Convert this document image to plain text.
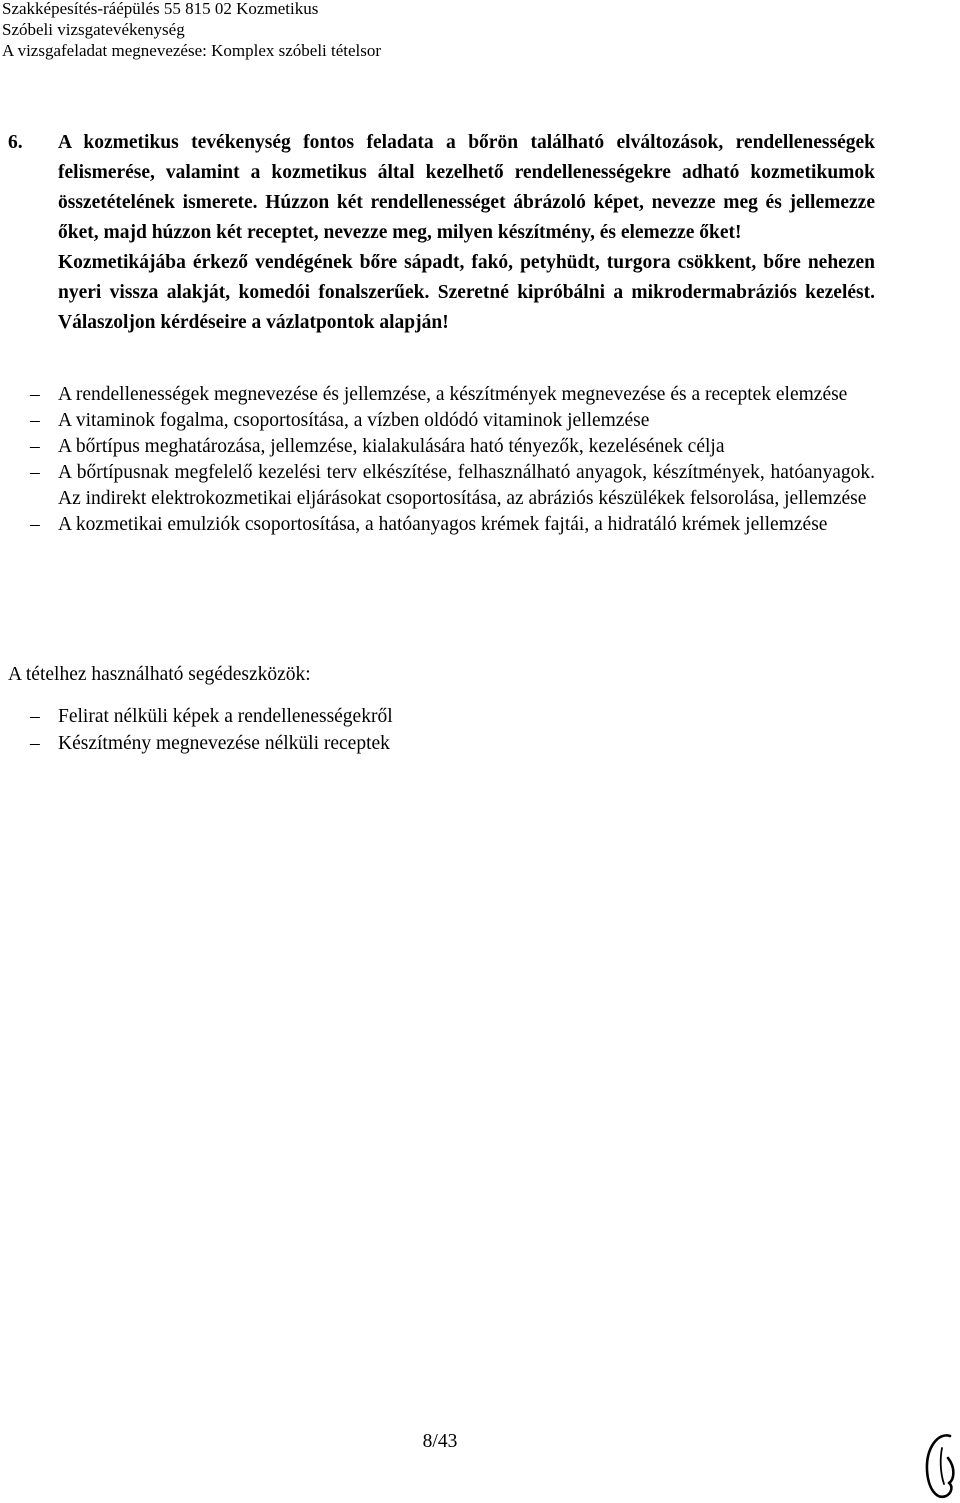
Szakképesítés-ráépülés 55 815 02 Kozmetikus
Szóbeli vizsgatevékenység
A vizsgafeladat megnevezése: Komplex szóbeli tételsor
6. A kozmetikus tevékenység fontos feladata a bőrön található elváltozások, rendellenességek felismerése, valamint a kozmetikus által kezelhető rendellenességekre adható kozmetikumok összetételének ismerete. Húzzon két rendellenességet ábrázoló képet, nevezze meg és jellemezze őket, majd húzzon két receptet, nevezze meg, milyen készítmény, és elemezze őket!

Kozmetikájába érkező vendégének bőre sápadt, fakó, petyhüdt, turgora csökkent, bőre nehezen nyeri vissza alakját, komedói fonalszerűek. Szeretné kipróbálni a mikrodermabráziós kezelést. Válaszoljon kérdéseire a vázlatpontok alapján!

– A rendellenességek megnevezése és jellemzése, a készítmények megnevezése és a receptek elemzése

– A vitaminok fogalma, csoportosítása, a vízben oldódó vitaminok jellemzése

– A bőrtípus meghatározása, jellemzése, kialakulására ható tényezők, kezelésének célja

– A bőrtípusnak megfelelő kezelési terv elkészítése, felhasználható anyagok, készítmények, hatóanyagok. Az indirekt elektrokozmetikai eljárásokat csoportosítása, az abráziós készülékek felsorolása, jellemzése

– A kozmetikai emulziók csoportosítása, a hatóanyagos krémek fajtái, a hidratáló krémek jellemzése

A tételhez használható segédeszközök:

– Felirat nélküli képek a rendellenességekről

– Készítmény megnevezése nélküli receptek

8/43
